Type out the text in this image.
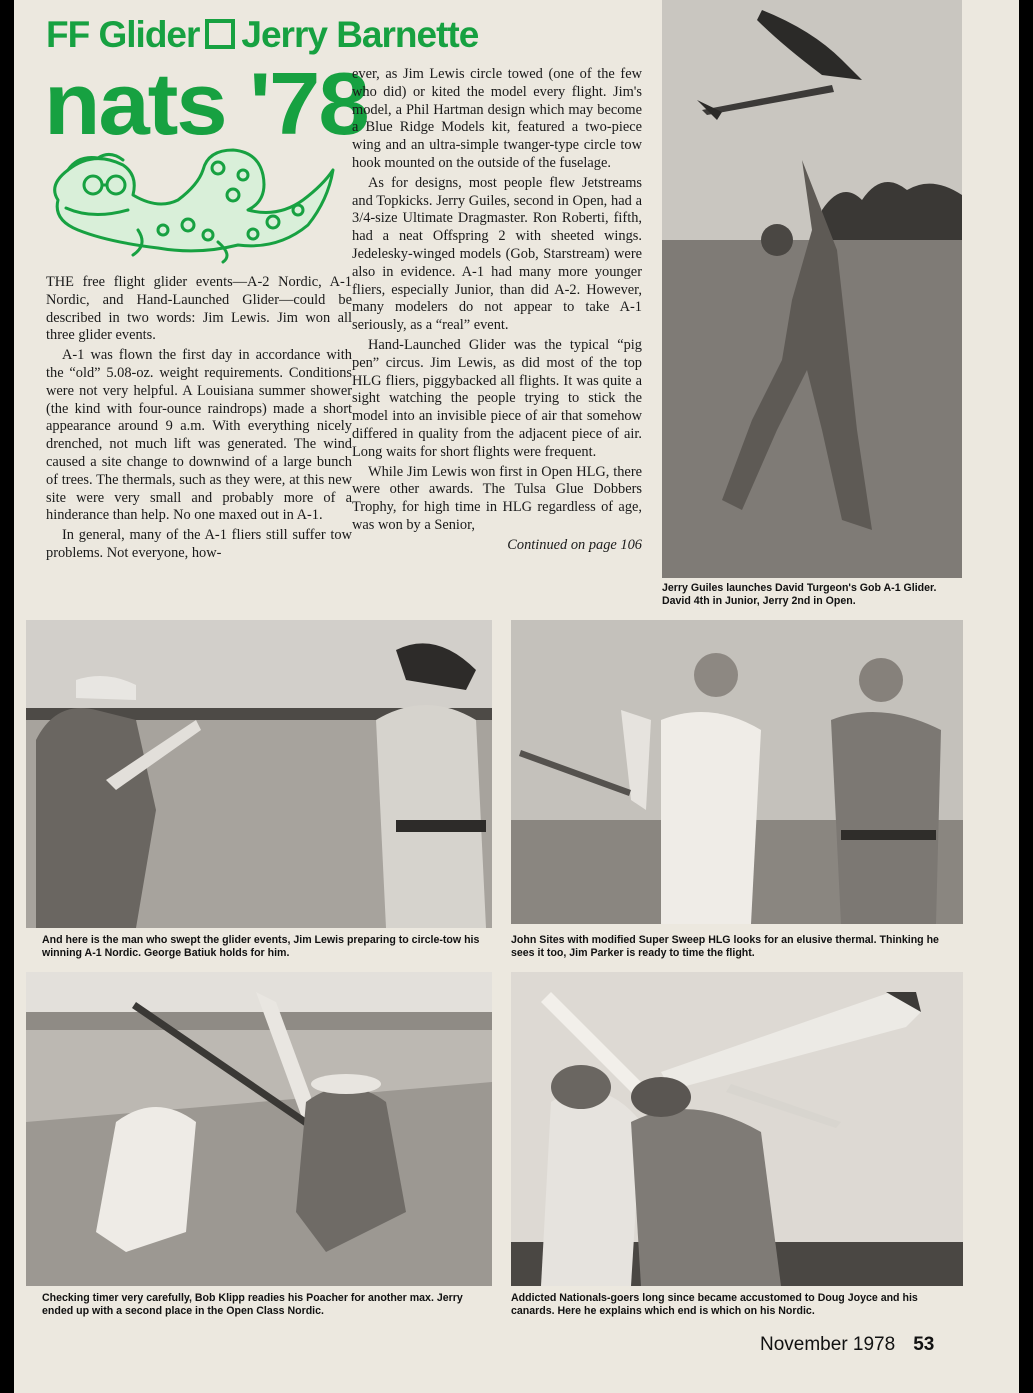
FF Glider Jerry Barnette
nats '78

THE free flight glider events—A-2 Nordic, A-1 Nordic, and Hand-Launched Glider—could be described in two words: Jim Lewis. Jim won all three glider events.

A-1 was flown the first day in accordance with the “old” 5.08-oz. weight requirements. Conditions were not very helpful. A Louisiana summer shower (the kind with four-ounce raindrops) made a short appearance around 9 a.m. With everything nicely drenched, not much lift was generated. The wind caused a site change to downwind of a large bunch of trees. The thermals, such as they were, at this new site were very small and probably more of a hinderance than help. No one maxed out in A-1.

In general, many of the A-1 fliers still suffer tow problems. Not everyone, how-

ever, as Jim Lewis circle towed (one of the few who did) or kited the model every flight. Jim's model, a Phil Hartman design which may become a Blue Ridge Models kit, featured a two-piece wing and an ultra-simple twanger-type circle tow hook mounted on the outside of the fuselage.

As for designs, most people flew Jetstreams and Topkicks. Jerry Guiles, second in Open, had a 3/4-size Ultimate Dragmaster. Ron Roberti, fifth, had a neat Offspring 2 with sheeted wings. Jedelesky-winged models (Gob, Starstream) were also in evidence. A-1 had many more younger fliers, especially Junior, than did A-2. However, many modelers do not appear to take A-1 seriously, as a “real” event.

Hand-Launched Glider was the typical “pig pen” circus. Jim Lewis, as did most of the top HLG fliers, piggybacked all flights. It was quite a sight watching the people trying to stick the model into an invisible piece of air that somehow differed in quality from the adjacent piece of air. Long waits for short flights were frequent.

While Jim Lewis won first in Open HLG, there were other awards. The Tulsa Glue Dobbers Trophy, for high time in HLG regardless of age, was won by a Senior,

Continued on page 106
Jerry Guiles launches David Turgeon's Gob A-1 Glider. David 4th in Junior, Jerry 2nd in Open.
And here is the man who swept the glider events, Jim Lewis preparing to circle-tow his winning A-1 Nordic. George Batiuk holds for him.
John Sites with modified Super Sweep HLG looks for an elusive thermal. Thinking he sees it too, Jim Parker is ready to time the flight.
Checking timer very carefully, Bob Klipp readies his Poacher for another max. Jerry ended up with a second place in the Open Class Nordic.
Addicted Nationals-goers long since became accustomed to Doug Joyce and his canards. Here he explains which end is which on his Nordic.
November 1978 53
